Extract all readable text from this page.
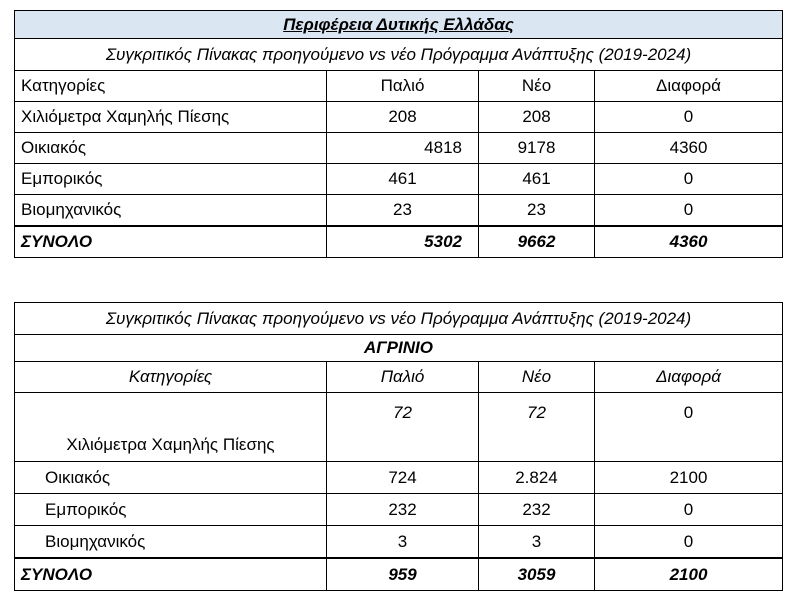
Περιφέρεια Δυτικής Ελλάδας			
Συγκριτικός Πίνακας προηγούμενο vs νέο Πρόγραμμα Ανάπτυξης (2019-2024)			
Κατηγορίες	Παλιό	Νέο	Διαφορά
Χιλιόμετρα Χαμηλής Πίεσης	208	208	0
Οικιακός	4818	9178	4360
Εμπορικός	461	461	0
Βιομηχανικός	23	23	0
ΣΥΝΟΛΟ	5302	9662	4360
Συγκριτικός Πίνακας προηγούμενο vs νέο Πρόγραμμα Ανάπτυξης (2019-2024)			
ΑΓΡΙΝΙΟ			
Κατηγορίες	Παλιό	Νέο	Διαφορά
Χιλιόμετρα Χαμηλής Πίεσης	72	72	0
Οικιακός	724	2.824	2100
Εμπορικός	232	232	0
Βιομηχανικός	3	3	0
ΣΥΝΟΛΟ	959	3059	2100
